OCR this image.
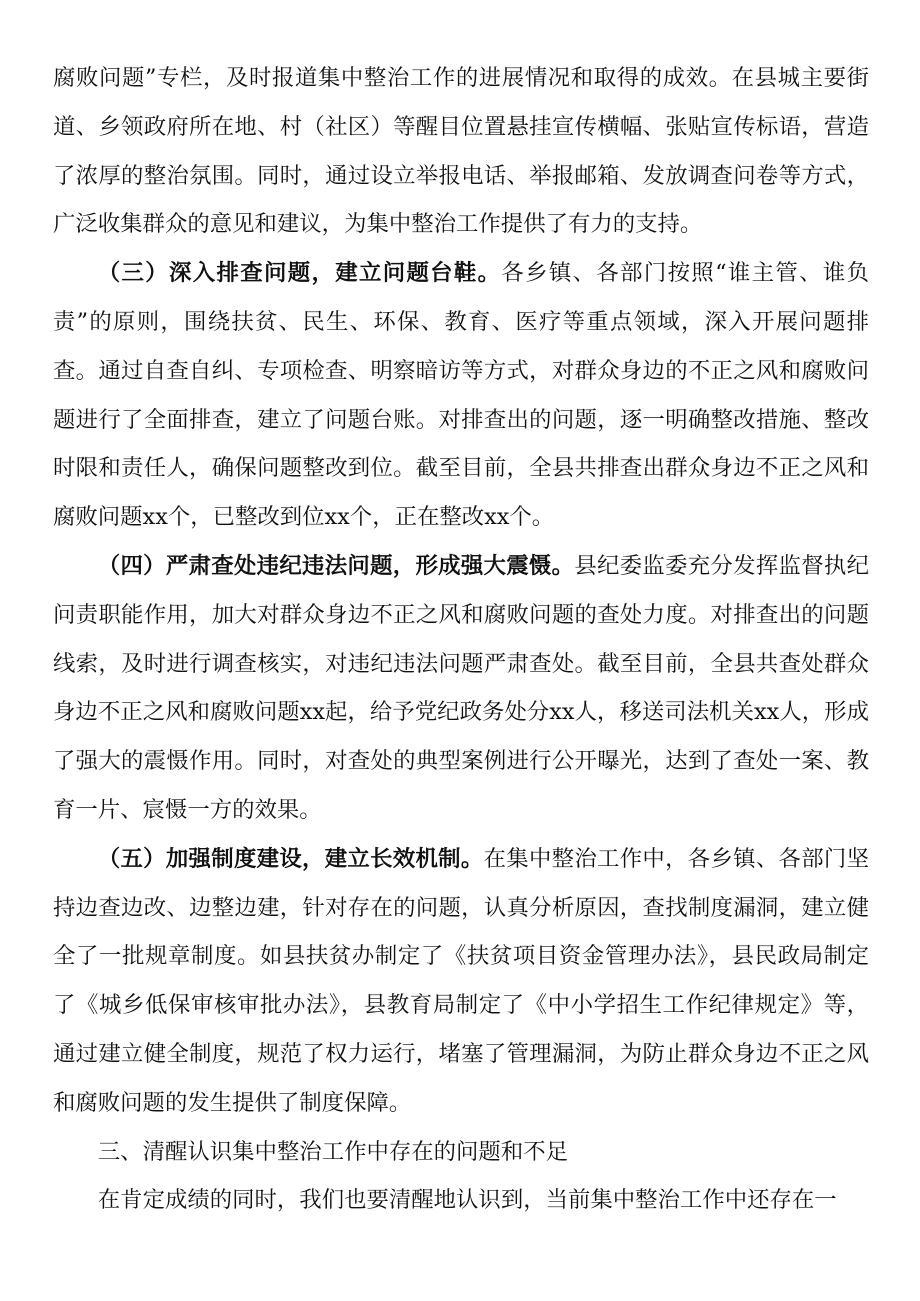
腐败问题”专栏，及时报道集中整治工作的进展情况和取得的成效。在县城主要街道、乡领政府所在地、村（社区）等醒目位置悬挂宣传横幅、张贴宣传标语，营造了浓厚的整治氛围。同时，通过设立举报电话、举报邮箱、发放调查问卷等方式，广泛收集群众的意见和建议，为集中整治工作提供了有力的支持。

（三）深入排查问题，建立问题台鞋。各乡镇、各部门按照“谁主管、谁负责”的原则，围绕扶贫、民生、环保、教育、医疗等重点领域，深入开展问题排查。通过自查自纠、专项检查、明察暗访等方式，对群众身边的不正之风和腐败问题进行了全面排查，建立了问题台账。对排查出的问题，逐一明确整改措施、整改时限和责任人，确保问题整改到位。截至目前，全县共排查出群众身边不正之风和腐败问题xx个，已整改到位xx个，正在整改xx个。

（四）严肃查处违纪违法问题，形成强大震慑。县纪委监委充分发挥监督执纪问责职能作用，加大对群众身边不正之风和腐败问题的查处力度。对排查出的问题线索，及时进行调查核实，对违纪违法问题严肃查处。截至目前，全县共查处群众身边不正之风和腐败问题xx起，给予党纪政务处分xx人，移送司法机关xx人，形成了强大的震慑作用。同时，对查处的典型案例进行公开曝光，达到了查处一案、教育一片、宸慑一方的效果。

（五）加强制度建设，建立长效机制。在集中整治工作中，各乡镇、各部门坚持边查边改、边整边建，针对存在的问题，认真分析原因，查找制度漏洞，建立健全了一批规章制度。如县扶贫办制定了《扶贫项目资金管理办法》，县民政局制定了《城乡低保审核审批办法》，县教育局制定了《中小学招生工作纪律规定》等，通过建立健全制度，规范了权力运行，堵塞了管理漏洞，为防止群众身边不正之风和腐败问题的发生提供了制度保障。

三、清醒认识集中整治工作中存在的问题和不足

在肯定成绩的同时，我们也要清醒地认识到，当前集中整治工作中还存在一
